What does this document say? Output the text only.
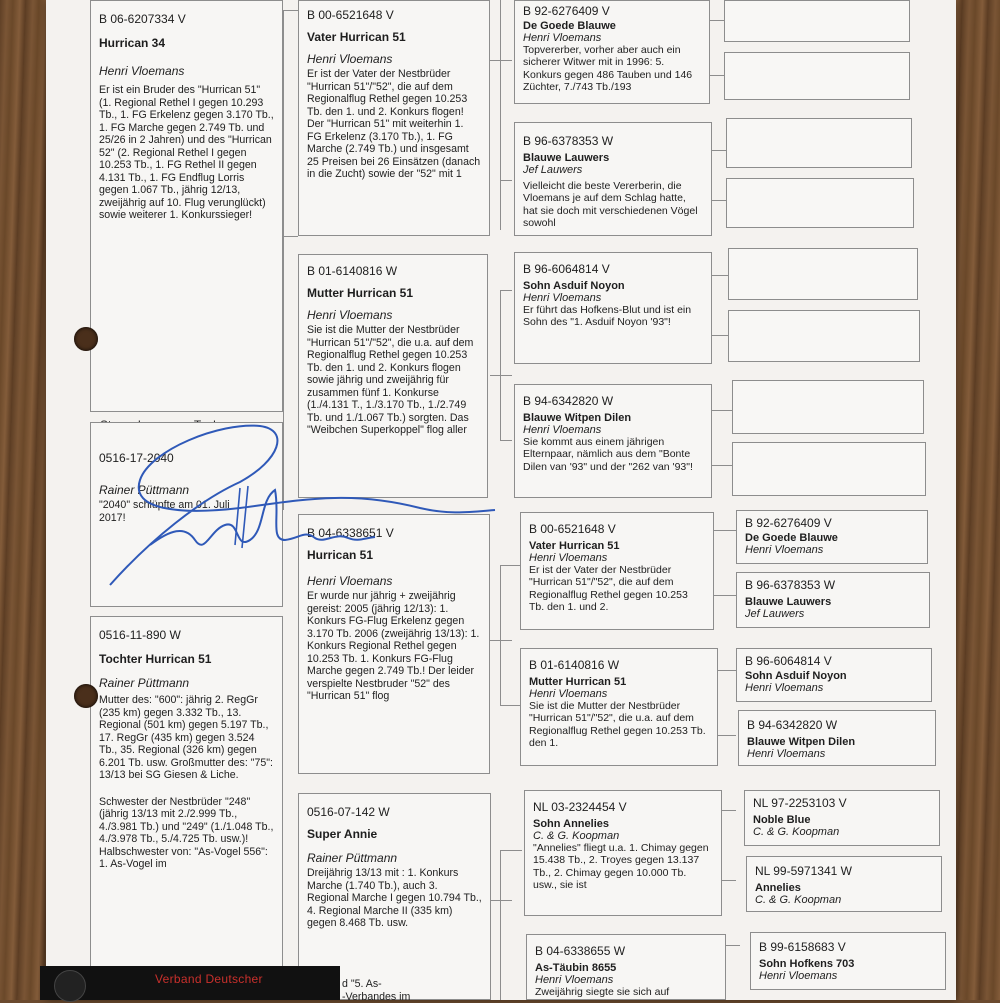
B 06-6207334 V

Hurrican 34

Henri Vloemans

Er ist ein Bruder des "Hurrican 51" (1. Regional Rethel I gegen 10.293 Tb., 1. FG Erkelenz gegen 3.170 Tb., 1. FG Marche gegen 2.749 Tb. und 25/26 in 2 Jahren) und des "Hurrican 52" (2. Regional Rethel I gegen 10.253 Tb., 1. FG Rethel II gegen 4.131 Tb., 1. FG Endflug Lorris gegen 1.067 Tb., jährig 12/13, zweijährig auf 10. Flug verunglückt) sowie weiterer 1. Konkurssieger!

0516-17-2040

Rainer Püttmann

"2040" schlüpfte am 01. Juli 2017!

0516-11-890 W

Tochter Hurrican 51

Rainer Püttmann

Mutter des: "600": jährig 2. RegGr (235 km) gegen 3.332 Tb., 13. Regional (501 km) gegen 5.197 Tb., 17. RegGr (435 km) gegen 3.524 Tb., 35. Regional (326 km) gegen 6.201 Tb. usw. Großmutter des: "75": 13/13 bei SG Giesen & Liche.

Schwester der Nestbrüder "248" (jährig 13/13 mit 2./2.999 Tb., 4./3.981 Tb.) und "249" (1./1.048 Tb., 4./3.978 Tb., 5./4.725 Tb. usw.)! Halbschwester von: "As-Vogel 556": 1. As-Vogel im

B 00-6521648 V

Vater Hurrican 51

Henri Vloemans

Er ist der Vater der Nestbrüder "Hurrican 51"/"52", die auf dem Regionalflug Rethel gegen 10.253 Tb. den 1. und 2. Konkurs flogen! Der "Hurrican 51" mit weiterhin 1. FG Erkelenz (3.170 Tb.), 1. FG Marche (2.749 Tb.) und insgesamt 25 Preisen bei 26 Einsätzen (danach in die Zucht) sowie der "52" mit 1

B 01-6140816 W

Mutter Hurrican 51

Henri Vloemans

Sie ist die Mutter der Nestbrüder "Hurrican 51"/"52", die u.a. auf dem Regionalflug Rethel gegen 10.253 Tb. den 1. und 2. Konkurs flogen sowie jährig und zweijährig für zusammen fünf 1. Konkurse (1./4.131 T., 1./3.170 Tb., 1./2.749 Tb. und 1./1.067 Tb.) sorgten. Das "Weibchen Superkoppel" flog aller

B 04-6338651 V

Hurrican 51

Henri Vloemans

Er wurde nur jährig + zweijährig gereist: 2005 (jährig 12/13): 1. Konkurs FG-Flug Erkelenz gegen 3.170 Tb. 2006 (zweijährig 13/13): 1. Konkurs Regional Rethel gegen 10.253 Tb. 1. Konkurs FG-Flug Marche gegen 2.749 Tb.! Der leider verspielte Nestbruder "52" des "Hurrican 51" flog

0516-07-142 W

Super Annie

Rainer Püttmann

Dreijährig 13/13 mit : 1. Konkurs Marche (1.740 Tb.), auch 3. Regional Marche I gegen 10.794 Tb., 4. Regional Marche II (335 km) gegen 8.468 Tb. usw.

B 92-6276409 V

De Goede Blauwe

Henri Vloemans

Topvererber, vorher aber auch ein sicherer Witwer mit in 1996: 5. Konkurs gegen 486 Tauben und 146 Züchter, 7./743 Tb./193

B 96-6378353 W

Blauwe Lauwers

Jef Lauwers

Vielleicht die beste Vererberin, die Vloemans je auf dem Schlag hatte, hat sie doch mit verschiedenen Vögel sowohl

B 96-6064814 V

Sohn Asduif Noyon

Henri Vloemans

Er führt das Hofkens-Blut und ist ein Sohn des "1. Asduif Noyon '93"!

B 94-6342820 W

Blauwe Witpen Dilen

Henri Vloemans

Sie kommt aus einem jährigen Elternpaar, nämlich aus dem "Bonte Dilen van '93" und der "262 van '93"!

B 00-6521648 V

Vater Hurrican 51

Henri Vloemans

Er ist der Vater der Nestbrüder "Hurrican 51"/"52", die auf dem Regionalflug Rethel gegen 10.253 Tb. den 1. und 2.

B 01-6140816 W

Mutter Hurrican 51

Henri Vloemans

Sie ist die Mutter der Nestbrüder "Hurrican 51"/"52", die u.a. auf dem Regionalflug Rethel gegen 10.253 Tb. den 1.

NL 03-2324454 V

Sohn Annelies

C. & G. Koopman

"Annelies" fliegt u.a. 1. Chimay gegen 15.438 Tb., 2. Troyes gegen 13.137 Tb., 2. Chimay gegen 10.000 Tb. usw., sie ist

B 04-6338655 W

As-Täubin 8655

Henri Vloemans

Zweijährig siegte sie sich auf

B 92-6276409 V

De Goede Blauwe

Henri Vloemans

B 96-6378353 W

Blauwe Lauwers

Jef Lauwers

B 96-6064814 V

Sohn Asduif Noyon

Henri Vloemans

B 94-6342820 W

Blauwe Witpen Dilen

Henri Vloemans

NL 97-2253103 V

Noble Blue

C. & G. Koopman

NL 99-5971341 W

Annelies

C. & G. Koopman

B 99-6158683 V

Sohn Hofkens 703

Henri Vloemans

Verband Deutscher	d "5. As-
-Verbandes im
